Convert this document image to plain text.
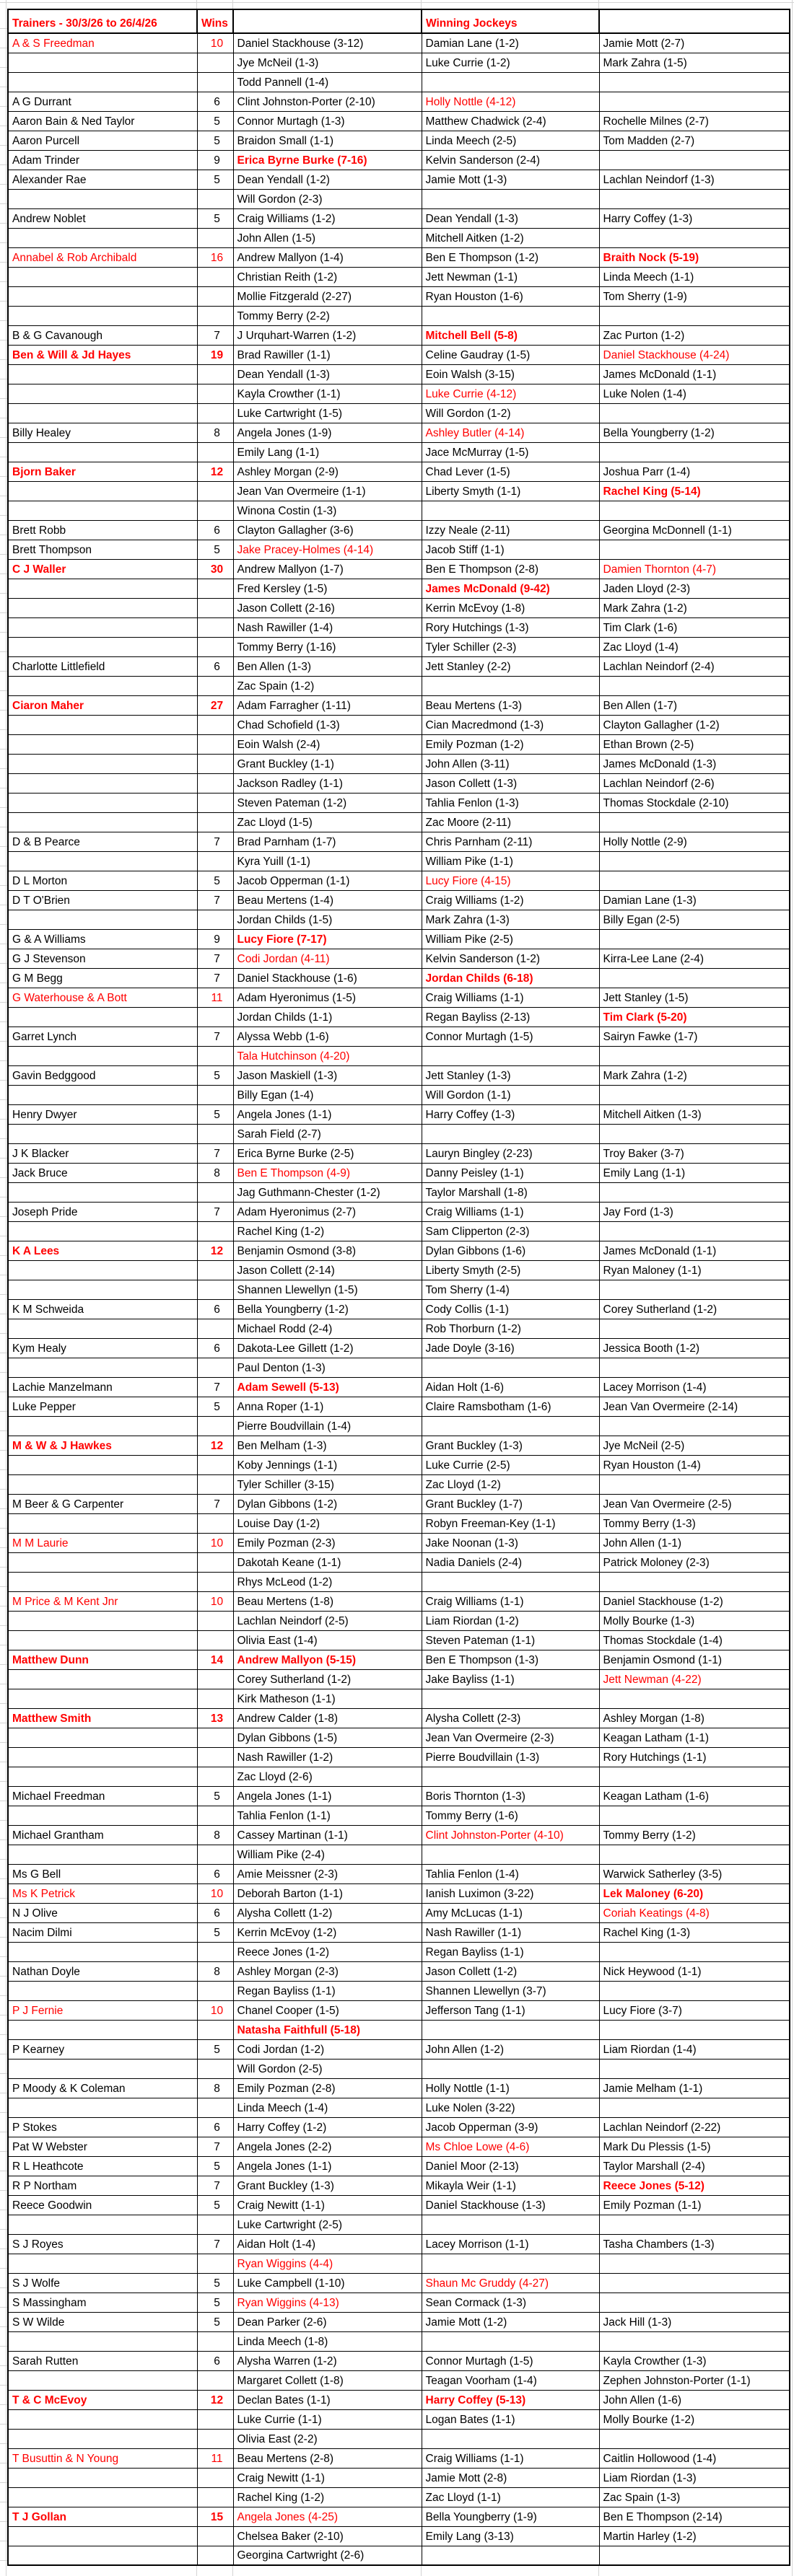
Trainers - 30/3/26 to 26/4/26	Wins		Winning Jockeys	
A & S Freedman	10	Daniel Stackhouse (3-12)	Damian Lane (1-2)	Jamie Mott (2-7)
		Jye McNeil (1-3)	Luke Currie (1-2)	Mark Zahra (1-5)
		Todd Pannell (1-4)		
A G Durrant	6	Clint Johnston-Porter (2-10)	Holly Nottle (4-12)	
Aaron Bain & Ned Taylor	5	Connor Murtagh (1-3)	Matthew Chadwick (2-4)	Rochelle Milnes (2-7)
Aaron Purcell	5	Braidon Small (1-1)	Linda Meech (2-5)	Tom Madden (2-7)
Adam Trinder	9	Erica Byrne Burke (7-16)	Kelvin Sanderson (2-4)	
Alexander Rae	5	Dean Yendall (1-2)	Jamie Mott (1-3)	Lachlan Neindorf (1-3)
		Will Gordon (2-3)		
Andrew Noblet	5	Craig Williams (1-2)	Dean Yendall (1-3)	Harry Coffey (1-3)
		John Allen (1-5)	Mitchell Aitken (1-2)	
Annabel & Rob Archibald	16	Andrew Mallyon (1-4)	Ben E Thompson (1-2)	Braith Nock (5-19)
		Christian Reith (1-2)	Jett Newman (1-1)	Linda Meech (1-1)
		Mollie Fitzgerald (2-27)	Ryan Houston (1-6)	Tom Sherry (1-9)
		Tommy Berry (2-2)		
B & G Cavanough	7	J Urquhart-Warren (1-2)	Mitchell Bell (5-8)	Zac Purton (1-2)
Ben & Will & Jd Hayes	19	Brad Rawiller (1-1)	Celine Gaudray (1-5)	Daniel Stackhouse (4-24)
		Dean Yendall (1-3)	Eoin Walsh (3-15)	James McDonald (1-1)
		Kayla Crowther (1-1)	Luke Currie (4-12)	Luke Nolen (1-4)
		Luke Cartwright (1-5)	Will Gordon (1-2)	
Billy Healey	8	Angela Jones (1-9)	Ashley Butler (4-14)	Bella Youngberry (1-2)
		Emily Lang (1-1)	Jace McMurray (1-5)	
Bjorn Baker	12	Ashley Morgan (2-9)	Chad Lever (1-5)	Joshua Parr (1-4)
		Jean Van Overmeire (1-1)	Liberty Smyth (1-1)	Rachel King (5-14)
		Winona Costin (1-3)		
Brett Robb	6	Clayton Gallagher (3-6)	Izzy Neale (2-11)	Georgina McDonnell (1-1)
Brett Thompson	5	Jake Pracey-Holmes (4-14)	Jacob Stiff (1-1)	
C J Waller	30	Andrew Mallyon (1-7)	Ben E Thompson (2-8)	Damien Thornton (4-7)
		Fred Kersley (1-5)	James McDonald (9-42)	Jaden Lloyd (2-3)
		Jason Collett (2-16)	Kerrin McEvoy (1-8)	Mark Zahra (1-2)
		Nash Rawiller (1-4)	Rory Hutchings (1-3)	Tim Clark (1-6)
		Tommy Berry (1-16)	Tyler Schiller (2-3)	Zac Lloyd (1-4)
Charlotte Littlefield	6	Ben Allen (1-3)	Jett Stanley (2-2)	Lachlan Neindorf (2-4)
		Zac Spain (1-2)		
Ciaron Maher	27	Adam Farragher (1-11)	Beau Mertens (1-3)	Ben Allen (1-7)
		Chad Schofield (1-3)	Cian Macredmond (1-3)	Clayton Gallagher (1-2)
		Eoin Walsh (2-4)	Emily Pozman (1-2)	Ethan Brown (2-5)
		Grant Buckley (1-1)	John Allen (3-11)	James McDonald (1-3)
		Jackson Radley (1-1)	Jason Collett (1-3)	Lachlan Neindorf (2-6)
		Steven Pateman (1-2)	Tahlia Fenlon (1-3)	Thomas Stockdale (2-10)
		Zac Lloyd (1-5)	Zac Moore (2-11)	
D & B Pearce	7	Brad Parnham (1-7)	Chris Parnham (2-11)	Holly Nottle (2-9)
		Kyra Yuill (1-1)	William Pike (1-1)	
D L Morton	5	Jacob Opperman (1-1)	Lucy Fiore (4-15)	
D T O'Brien	7	Beau Mertens (1-4)	Craig Williams (1-2)	Damian Lane (1-3)
		Jordan Childs (1-5)	Mark Zahra (1-3)	Billy Egan (2-5)
G & A Williams	9	Lucy Fiore (7-17)	William Pike (2-5)	
G J Stevenson	7	Codi Jordan (4-11)	Kelvin Sanderson (1-2)	Kirra-Lee Lane (2-4)
G M Begg	7	Daniel Stackhouse (1-6)	Jordan Childs (6-18)	
G Waterhouse & A Bott	11	Adam Hyeronimus (1-5)	Craig Williams (1-1)	Jett Stanley (1-5)
		Jordan Childs (1-1)	Regan Bayliss (2-13)	Tim Clark (5-20)
Garret Lynch	7	Alyssa Webb (1-6)	Connor Murtagh (1-5)	Sairyn Fawke (1-7)
		Tala Hutchinson (4-20)		
Gavin Bedggood	5	Jason Maskiell (1-3)	Jett Stanley (1-3)	Mark Zahra (1-2)
		Billy Egan (1-4)	Will Gordon (1-1)	
Henry Dwyer	5	Angela Jones (1-1)	Harry Coffey (1-3)	Mitchell Aitken (1-3)
		Sarah Field (2-7)		
J K Blacker	7	Erica Byrne Burke (2-5)	Lauryn Bingley (2-23)	Troy Baker (3-7)
Jack Bruce	8	Ben E Thompson (4-9)	Danny Peisley (1-1)	Emily Lang (1-1)
		Jag Guthmann-Chester (1-2)	Taylor Marshall (1-8)	
Joseph Pride	7	Adam Hyeronimus (2-7)	Craig Williams (1-1)	Jay Ford (1-3)
		Rachel King (1-2)	Sam Clipperton (2-3)	
K A Lees	12	Benjamin Osmond (3-8)	Dylan Gibbons (1-6)	James McDonald (1-1)
		Jason Collett (2-14)	Liberty Smyth (2-5)	Ryan Maloney (1-1)
		Shannen Llewellyn (1-5)	Tom Sherry (1-4)	
K M Schweida	6	Bella Youngberry (1-2)	Cody Collis (1-1)	Corey Sutherland (1-2)
		Michael Rodd (2-4)	Rob Thorburn (1-2)	
Kym Healy	6	Dakota-Lee Gillett (1-2)	Jade Doyle (3-16)	Jessica Booth (1-2)
		Paul Denton (1-3)		
Lachie Manzelmann	7	Adam Sewell (5-13)	Aidan Holt (1-6)	Lacey Morrison (1-4)
Luke Pepper	5	Anna Roper (1-1)	Claire Ramsbotham (1-6)	Jean Van Overmeire (2-14)
		Pierre Boudvillain (1-4)		
M & W & J Hawkes	12	Ben Melham (1-3)	Grant Buckley (1-3)	Jye McNeil (2-5)
		Koby Jennings (1-1)	Luke Currie (2-5)	Ryan Houston (1-4)
		Tyler Schiller (3-15)	Zac Lloyd (1-2)	
M Beer & G Carpenter	7	Dylan Gibbons (1-2)	Grant Buckley (1-7)	Jean Van Overmeire (2-5)
		Louise Day (1-2)	Robyn Freeman-Key (1-1)	Tommy Berry (1-3)
M M Laurie	10	Emily Pozman (2-3)	Jake Noonan (1-3)	John Allen (1-1)
		Dakotah Keane (1-1)	Nadia Daniels (2-4)	Patrick Moloney (2-3)
		Rhys McLeod (1-2)		
M Price & M Kent Jnr	10	Beau Mertens (1-8)	Craig Williams (1-1)	Daniel Stackhouse (1-2)
		Lachlan Neindorf (2-5)	Liam Riordan (1-2)	Molly Bourke (1-3)
		Olivia East (1-4)	Steven Pateman (1-1)	Thomas Stockdale (1-4)
Matthew Dunn	14	Andrew Mallyon (5-15)	Ben E Thompson (1-3)	Benjamin Osmond (1-1)
		Corey Sutherland (1-2)	Jake Bayliss (1-1)	Jett Newman (4-22)
		Kirk Matheson (1-1)		
Matthew Smith	13	Andrew Calder (1-8)	Alysha Collett (2-3)	Ashley Morgan (1-8)
		Dylan Gibbons (1-5)	Jean Van Overmeire (2-3)	Keagan Latham (1-1)
		Nash Rawiller (1-2)	Pierre Boudvillain (1-3)	Rory Hutchings (1-1)
		Zac Lloyd (2-6)		
Michael Freedman	5	Angela Jones (1-1)	Boris Thornton (1-3)	Keagan Latham (1-6)
		Tahlia Fenlon (1-1)	Tommy Berry (1-6)	
Michael Grantham	8	Cassey Martinan (1-1)	Clint Johnston-Porter (4-10)	Tommy Berry (1-2)
		William Pike (2-4)		
Ms G Bell	6	Amie Meissner (2-3)	Tahlia Fenlon (1-4)	Warwick Satherley (3-5)
Ms K Petrick	10	Deborah Barton (1-1)	Ianish Luximon (3-22)	Lek Maloney (6-20)
N J Olive	6	Alysha Collett (1-2)	Amy McLucas (1-1)	Coriah Keatings (4-8)
Nacim Dilmi	5	Kerrin McEvoy (1-2)	Nash Rawiller (1-1)	Rachel King (1-3)
		Reece Jones (1-2)	Regan Bayliss (1-1)	
Nathan Doyle	8	Ashley Morgan (2-3)	Jason Collett (1-2)	Nick Heywood (1-1)
		Regan Bayliss (1-1)	Shannen Llewellyn (3-7)	
P J Fernie	10	Chanel Cooper (1-5)	Jefferson Tang (1-1)	Lucy Fiore (3-7)
		Natasha Faithfull (5-18)		
P Kearney	5	Codi Jordan (1-2)	John Allen (1-2)	Liam Riordan (1-4)
		Will Gordon (2-5)		
P Moody & K Coleman	8	Emily Pozman (2-8)	Holly Nottle (1-1)	Jamie Melham (1-1)
		Linda Meech (1-4)	Luke Nolen (3-22)	
P Stokes	6	Harry Coffey (1-2)	Jacob Opperman (3-9)	Lachlan Neindorf (2-22)
Pat W Webster	7	Angela Jones (2-2)	Ms Chloe Lowe (4-6)	Mark Du Plessis (1-5)
R L Heathcote	5	Angela Jones (1-1)	Daniel Moor (2-13)	Taylor Marshall (2-4)
R P Northam	7	Grant Buckley (1-3)	Mikayla Weir (1-1)	Reece Jones (5-12)
Reece Goodwin	5	Craig Newitt (1-1)	Daniel Stackhouse (1-3)	Emily Pozman (1-1)
		Luke Cartwright (2-5)		
S J Royes	7	Aidan Holt (1-4)	Lacey Morrison (1-1)	Tasha Chambers (1-3)
		Ryan Wiggins (4-4)		
S J Wolfe	5	Luke Campbell (1-10)	Shaun Mc Gruddy (4-27)	
S Massingham	5	Ryan Wiggins (4-13)	Sean Cormack (1-3)	
S W Wilde	5	Dean Parker (2-6)	Jamie Mott (1-2)	Jack Hill (1-3)
		Linda Meech (1-8)		
Sarah Rutten	6	Alysha Warren (1-2)	Connor Murtagh (1-5)	Kayla Crowther (1-3)
		Margaret Collett (1-8)	Teagan Voorham (1-4)	Zephen Johnston-Porter (1-1)
T & C McEvoy	12	Declan Bates (1-1)	Harry Coffey (5-13)	John Allen (1-6)
		Luke Currie (1-1)	Logan Bates (1-1)	Molly Bourke (1-2)
		Olivia East (2-2)		
T Busuttin & N Young	11	Beau Mertens (2-8)	Craig Williams (1-1)	Caitlin Hollowood (1-4)
		Craig Newitt (1-1)	Jamie Mott (2-8)	Liam Riordan (1-3)
		Rachel King (1-2)	Zac Lloyd (1-1)	Zac Spain (1-3)
T J Gollan	15	Angela Jones (4-25)	Bella Youngberry (1-9)	Ben E Thompson (2-14)
		Chelsea Baker (2-10)	Emily Lang (3-13)	Martin Harley (1-2)
		Georgina Cartwright (2-6)		
